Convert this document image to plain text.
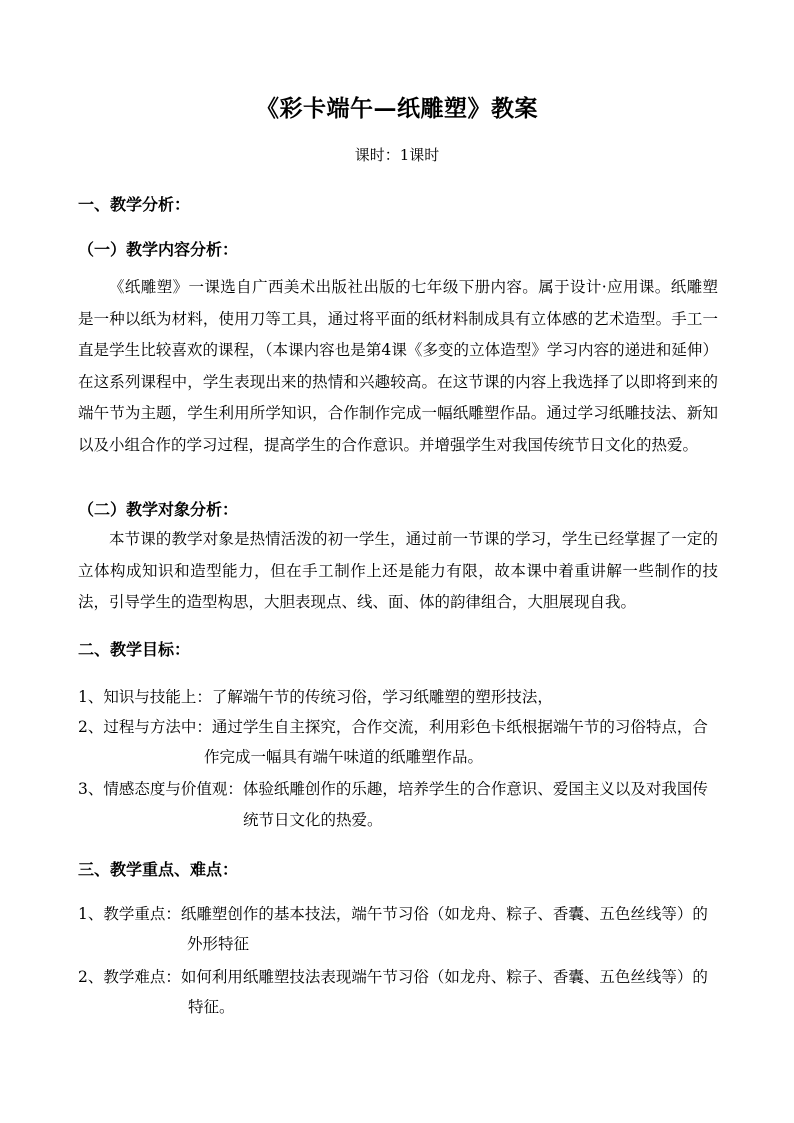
《彩卡端午—纸雕塑》教案
课时：1课时
一、教学分析：
（一）教学内容分析：

《纸雕塑》一课选自广西美术出版社出版的七年级下册内容。属于设计·应用课。纸雕塑是一种以纸为材料，使用刀等工具，通过将平面的纸材料制成具有立体感的艺术造型。手工一直是学生比较喜欢的课程，（本课内容也是第4课《多变的立体造型》学习内容的递进和延伸）在这系列课程中，学生表现出来的热情和兴趣较高。在这节课的内容上我选择了以即将到来的端午节为主题，学生利用所学知识，合作制作完成一幅纸雕塑作品。通过学习纸雕技法、新知以及小组合作的学习过程，提高学生的合作意识。并增强学生对我国传统节日文化的热爱。

（二）教学对象分析：

本节课的教学对象是热情活泼的初一学生，通过前一节课的学习，学生已经掌握了一定的立体构成知识和造型能力，但在手工制作上还是能力有限，故本课中着重讲解一些制作的技法，引导学生的造型构思，大胆表现点、线、面、体的韵律组合，大胆展现自我。

二、教学目标：
1、知识与技能上：了解端午节的传统习俗，学习纸雕塑的塑形技法，
2、过程与方法中：通过学生自主探究，合作交流，利用彩色卡纸根据端午节的习俗特点，合
作完成一幅具有端午味道的纸雕塑作品。
3、情感态度与价值观：体验纸雕创作的乐趣，培养学生的合作意识、爱国主义以及对我国传
统节日文化的热爱。
三、教学重点、难点：
1、教学重点：纸雕塑创作的基本技法，端午节习俗（如龙舟、粽子、香囊、五色丝线等）的
外形特征
2、教学难点：如何利用纸雕塑技法表现端午节习俗（如龙舟、粽子、香囊、五色丝线等）的
特征。
